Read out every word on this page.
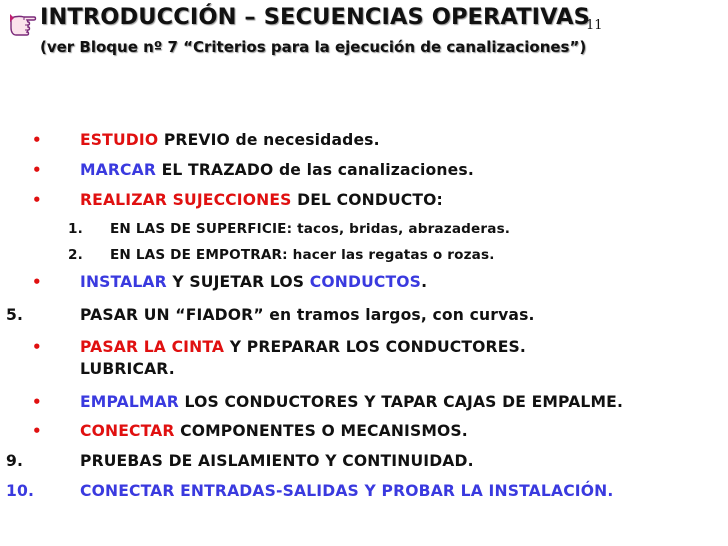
INTRODUCCIÓN – SECUENCIAS OPERATIVAS
11
(ver Bloque nº 7 “Criterios para la ejecución de canalizaciones”)
• ESTUDIO PREVIO de necesidades.
• MARCAR EL TRAZADO de las canalizaciones.
• REALIZAR SUJECCIONES DEL CONDUCTO:
1. EN LAS DE SUPERFICIE: tacos, bridas, abrazaderas.
2. EN LAS DE EMPOTRAR: hacer las regatas o rozas.
• INSTALAR Y SUJETAR LOS CONDUCTOS.
5.	PASAR UN “FIADOR” en tramos largos, con curvas.
• PASAR LA CINTA Y PREPARAR LOS CONDUCTORES.
LUBRICAR.
• EMPALMAR LOS CONDUCTORES Y TAPAR CAJAS DE EMPALME.
• CONECTAR COMPONENTES O MECANISMOS.
9.	PRUEBAS DE AISLAMIENTO Y CONTINUIDAD.
10.	CONECTAR ENTRADAS-SALIDAS Y PROBAR LA INSTALACIÓN.
